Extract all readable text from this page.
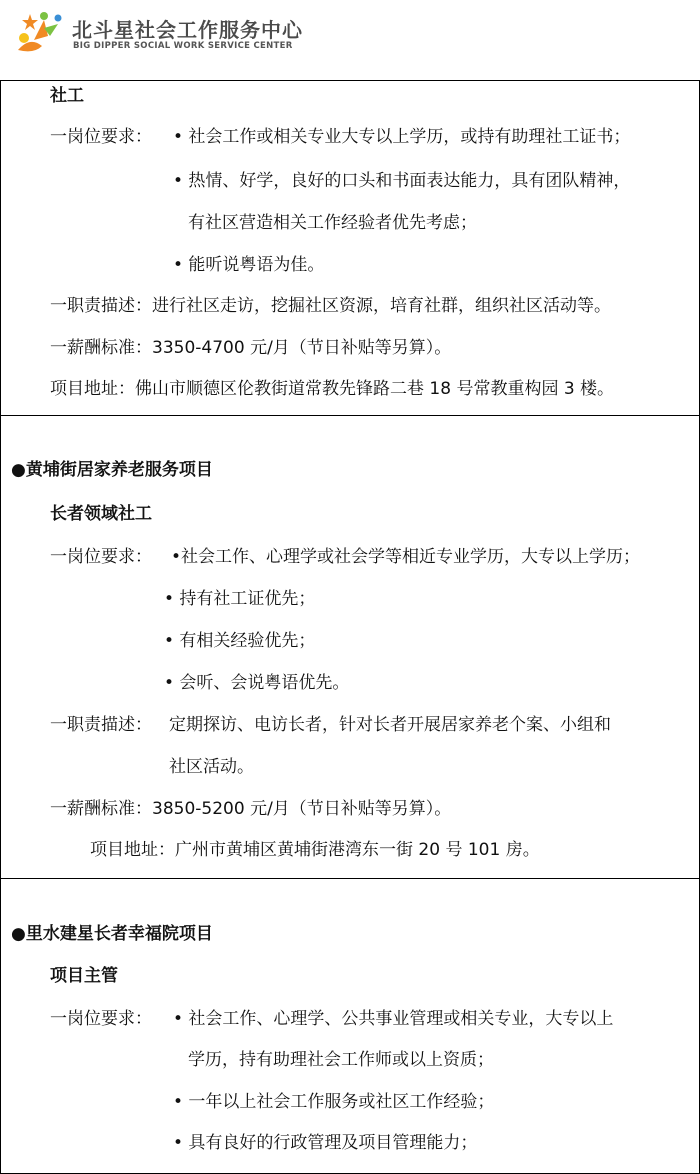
北斗星社会工作服务中心
BIG DIPPER SOCIAL WORK SERVICE CENTER
社工
一岗位要求： • 社会工作或相关专业大专以上学历，或持有助理社工证书；
• 热情、好学，良好的口头和书面表达能力，具有团队精神，
有社区营造相关工作经验者优先考虑；
• 能听说粤语为佳。
一职责描述：进行社区走访，挖掘社区资源，培育社群，组织社区活动等。
一薪酬标准：3350-4700 元/月（节日补贴等另算）。
项目地址：佛山市顺德区伦教街道常教先锋路二巷 18 号常教重构园 3 楼。
●黄埔街居家养老服务项目
长者领域社工
一岗位要求： •社会工作、心理学或社会学等相近专业学历，大专以上学历；
• 持有社工证优先；
• 有相关经验优先；
• 会听、会说粤语优先。
一职责描述： 定期探访、电访长者，针对长者开展居家养老个案、小组和
社区活动。
一薪酬标准：3850-5200 元/月（节日补贴等另算）。
项目地址：广州市黄埔区黄埔街港湾东一街 20 号 101 房。
●里水建星长者幸福院项目
项目主管
一岗位要求： • 社会工作、心理学、公共事业管理或相关专业，大专以上
学历，持有助理社会工作师或以上资质；
• 一年以上社会工作服务或社区工作经验；
• 具有良好的行政管理及项目管理能力；
